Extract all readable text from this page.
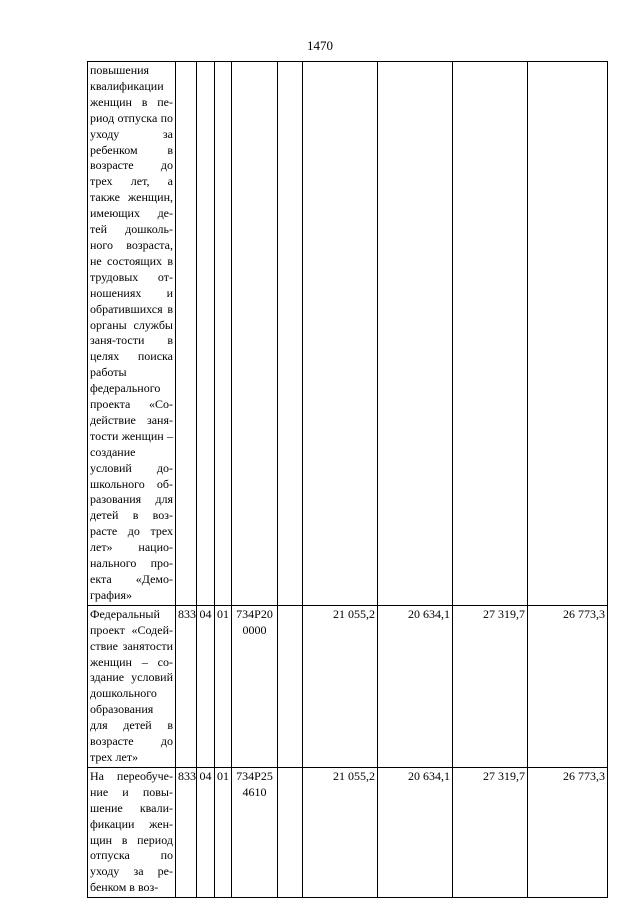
1470
повышения квалификации женщин в пе-риод отпуска по уходу за ребенком в возрасте до трех лет, а также женщин, имеющих де-тей дошколь-ного возраста, не состоящих в трудовых от-ношениях и обратившихся в органы службы заня-тости в целях поиска работы федерального проекта «Со-действие заня-тости женщин – создание условий до-школьного об-разования для детей в воз-расте до трех лет» нацио-нального про-екта «Демо-графия»									

Федеральный проект «Содей-ствие занятости женщин – со-здание условий дошкольного образования для детей в возрасте до трех лет»	833	04	01	734Р20 0000		21 055,2	20 634,1	27 319,7	26 773,3

На переобуче-ние и повы-шение квали-фикации жен-щин в период отпуска по уходу за ре-бенком в воз-	833	04	01	734Р25 4610		21 055,2	20 634,1	27 319,7	26 773,3
